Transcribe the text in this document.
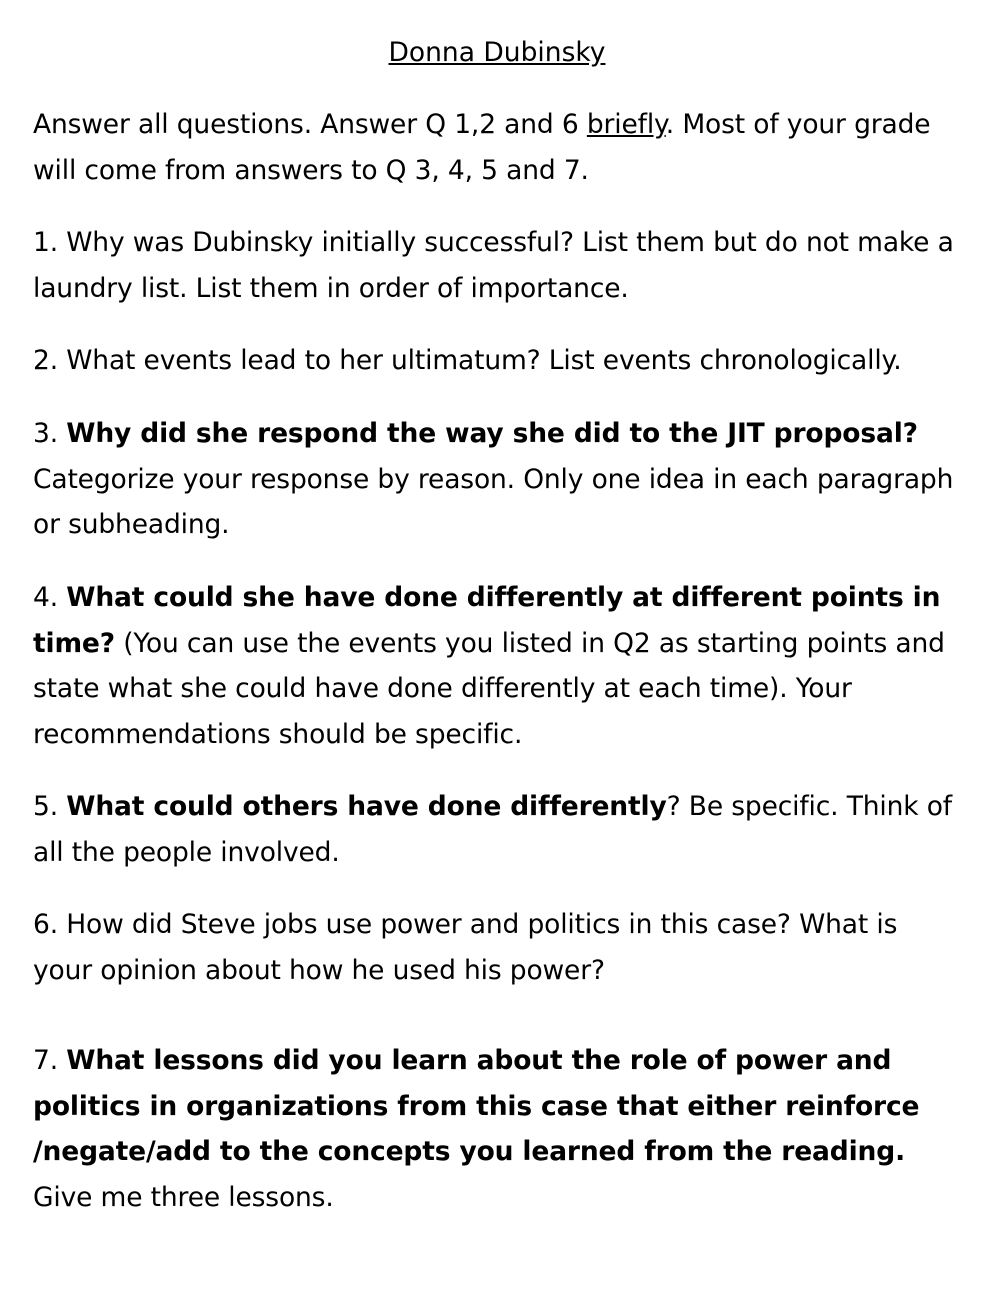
Donna Dubinsky

Answer all questions. Answer Q 1,2 and 6 briefly. Most of your grade will come from answers to Q 3, 4, 5 and 7.

1. Why was Dubinsky initially successful? List them but do not make a laundry list. List them in order of importance.

2. What events lead to her ultimatum? List events chronologically.

3. Why did she respond the way she did to the JIT proposal? Categorize your response by reason. Only one idea in each paragraph or subheading.

4. What could she have done differently at different points in time? (You can use the events you listed in Q2 as starting points and state what she could have done differently at each time). Your recommendations should be specific.

5. What could others have done differently? Be specific. Think of all the people involved.

6. How did Steve jobs use power and politics in this case? What is your opinion about how he used his power?

7. What lessons did you learn about the role of power and politics in organizations from this case that either reinforce /negate/add to the concepts you learned from the reading. Give me three lessons.
